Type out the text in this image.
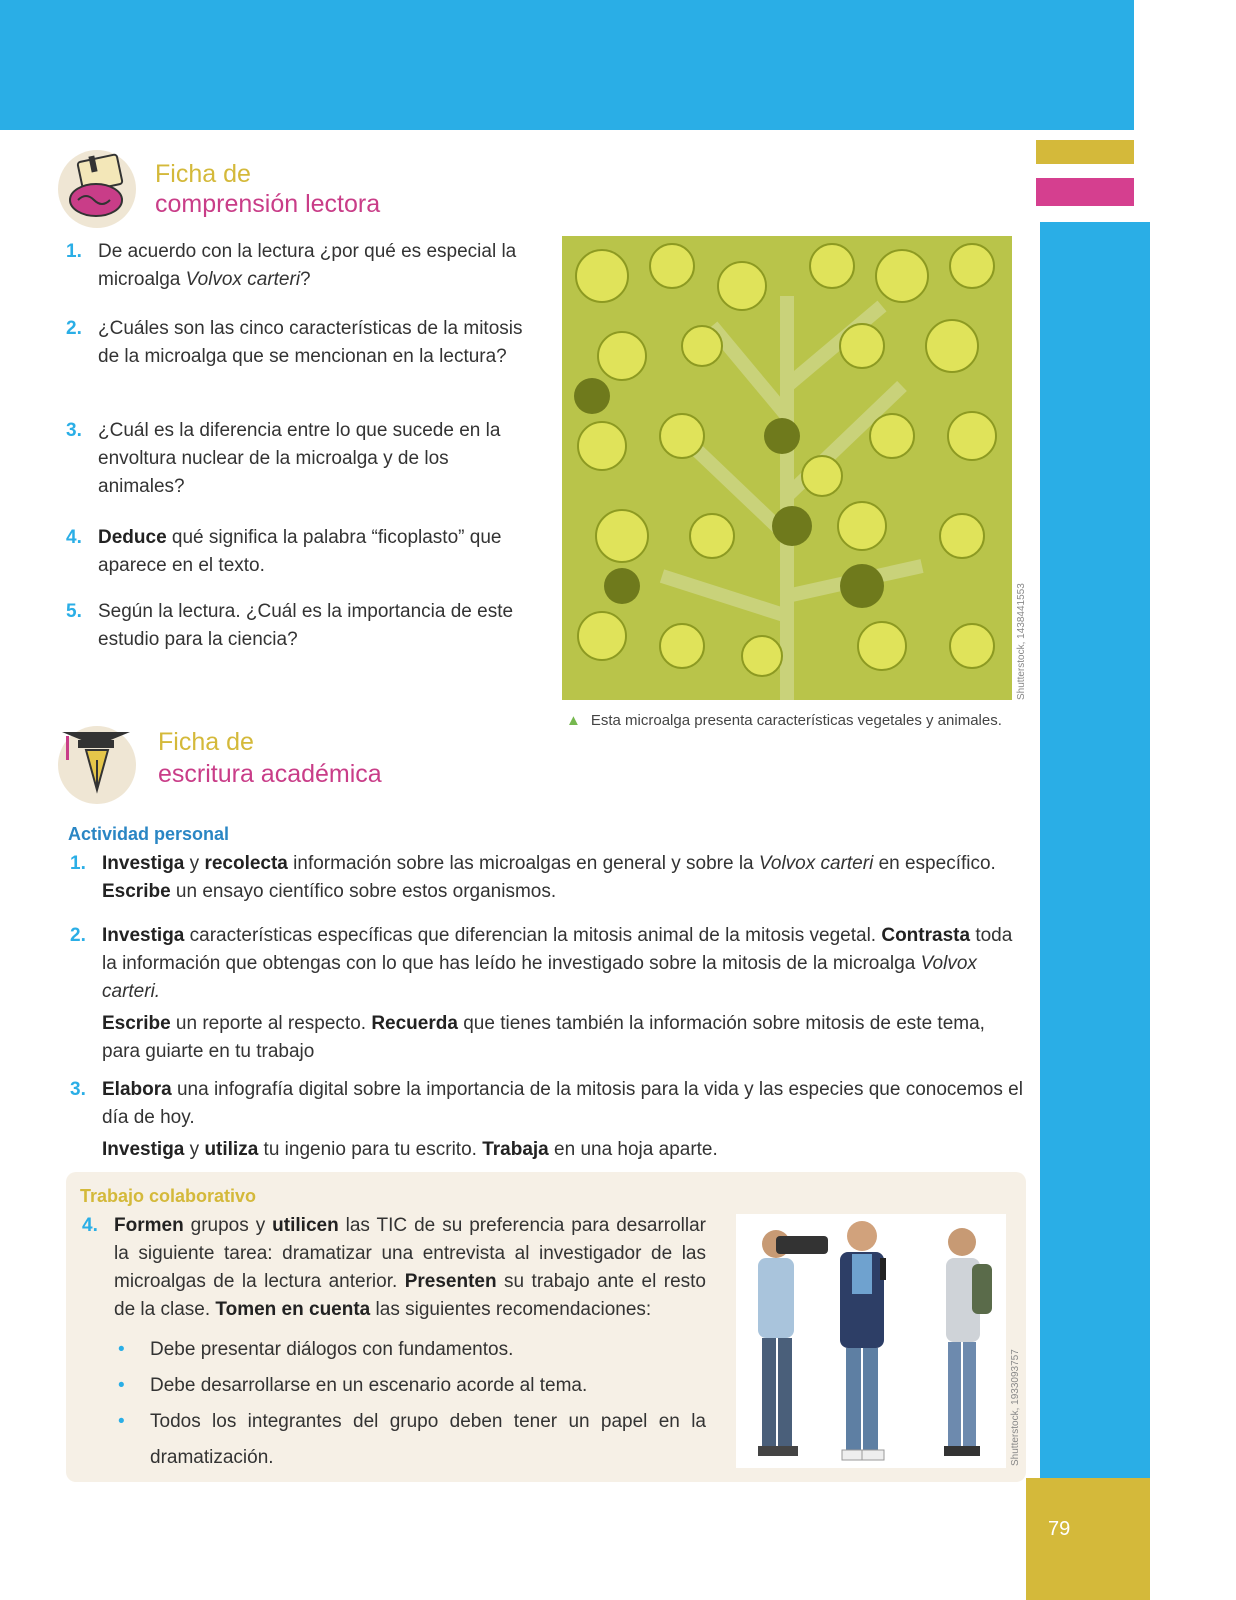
79
Ficha de
comprensión lectora
1. De acuerdo con la lectura ¿por qué es especial la microalga Volvox carteri?
2. ¿Cuáles son las cinco características de la mitosis de la microalga que se mencionan en la lectura?
3. ¿Cuál es la diferencia entre lo que sucede en la envoltura nuclear de la microalga y de los animales?
4. Deduce qué significa la palabra “ficoplasto” que aparece en el texto.
5. Según la lectura. ¿Cuál es la importancia de este estudio para la ciencia?	Shutterstock, 1438441553
▲ Esta microalga presenta características vegetales y animales.
Ficha de
escritura académica
Actividad personal
1. Investiga y recolecta información sobre las microalgas en general y sobre la Volvox carteri en específico. Escribe un ensayo científico sobre estos organismos.
2. Investiga características específicas que diferencian la mitosis animal de la mitosis vegetal. Contrasta toda la información que obtengas con lo que has leído he investigado sobre la mitosis de la microalga Volvox carteri.
Escribe un reporte al respecto. Recuerda que tienes también la información sobre mitosis de este tema, para guiarte en tu trabajo
3. Elabora una infografía digital sobre la importancia de la mitosis para la vida y las especies que conocemos el día de hoy.
Investiga y utiliza tu ingenio para tu escrito. Trabaja en una hoja aparte.
Trabajo colaborativo
4. Formen grupos y utilicen las TIC de su preferencia para desarrollar la siguiente tarea: dramatizar una entrevista al investigador de las microalgas de la lectura anterior. Presenten su trabajo ante el resto de la clase. Tomen en cuenta las siguientes recomendaciones:
• Debe presentar diálogos con fundamentos.
• Debe desarrollarse en un escenario acorde al tema.
• Todos los integrantes del grupo deben tener un papel en la dramatización.	Shutterstock, 1933093757
